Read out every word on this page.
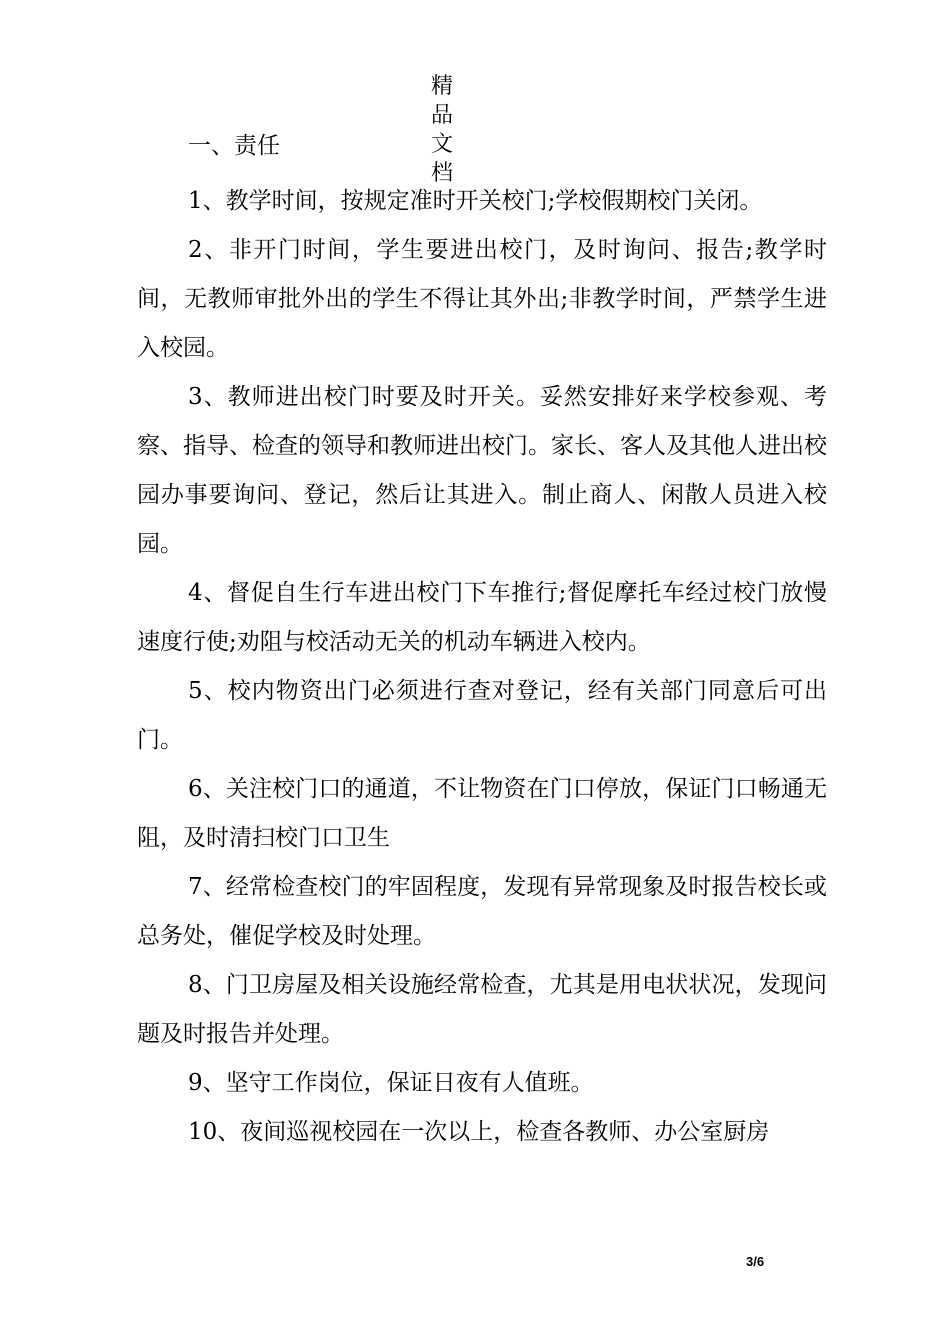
精
品
文
档
一、责任

1、教学时间，按规定准时开关校门;学校假期校门关闭。

2、非开门时间，学生要进出校门，及时询问、报告;教学时间，无教师审批外出的学生不得让其外出;非教学时间，严禁学生进入校园。

3、教师进出校门时要及时开关。妥然安排好来学校参观、考察、指导、检查的领导和教师进出校门。家长、客人及其他人进出校园办事要询问、登记，然后让其进入。制止商人、闲散人员进入校园。

4、督促自生行车进出校门下车推行;督促摩托车经过校门放慢速度行使;劝阻与校活动无关的机动车辆进入校内。

5、校内物资出门必须进行查对登记，经有关部门同意后可出门。

6、关注校门口的通道，不让物资在门口停放，保证门口畅通无阻，及时清扫校门口卫生

7、经常检查校门的牢固程度，发现有异常现象及时报告校长或总务处，催促学校及时处理。

8、门卫房屋及相关设施经常检查，尤其是用电状状况，发现问题及时报告并处理。

9、坚守工作岗位，保证日夜有人值班。

10、夜间巡视校园在一次以上，检查各教师、办公室厨房

3/6
